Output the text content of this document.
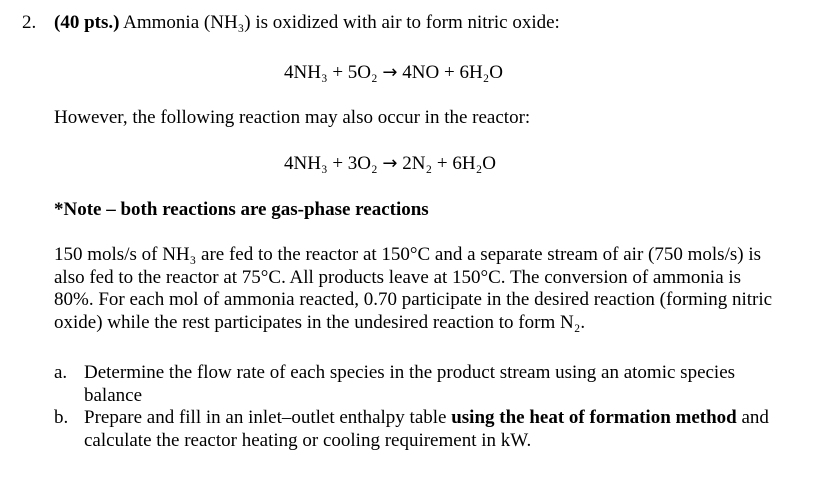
2. (40 pts.) Ammonia (NH₃) is oxidized with air to form nitric oxide:
4NH₃ + 5O₂ → 4NO + 6H₂O
However, the following reaction may also occur in the reactor:
4NH₃ + 3O₂ → 2N₂ + 6H₂O
*Note – both reactions are gas-phase reactions
150 mols/s of NH₃ are fed to the reactor at 150°C and a separate stream of air (750 mols/s) is also fed to the reactor at 75°C. All products leave at 150°C. The conversion of ammonia is 80%. For each mol of ammonia reacted, 0.70 participate in the desired reaction (forming nitric oxide) while the rest participates in the undesired reaction to form N₂.
a. Determine the flow rate of each species in the product stream using an atomic species balance
b. Prepare and fill in an inlet–outlet enthalpy table using the heat of formation method and calculate the reactor heating or cooling requirement in kW.
